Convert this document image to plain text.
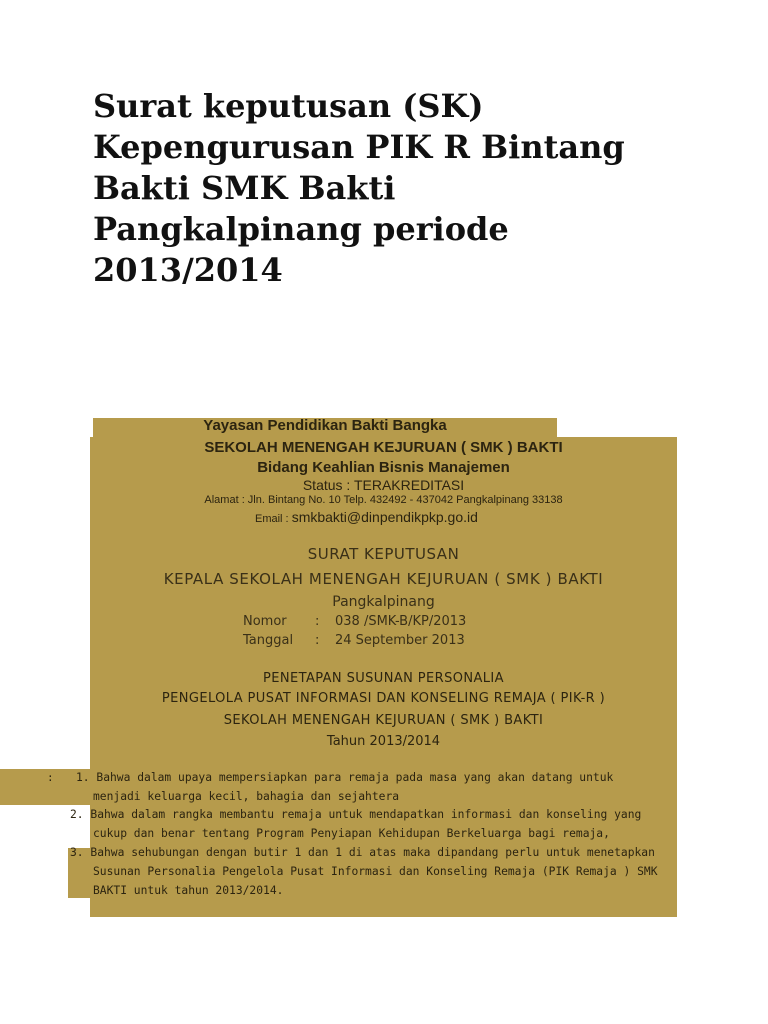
Surat keputusan (SK)
Kepengurusan PIK R Bintang
Bakti SMK Bakti
Pangkalpinang periode
2013/2014
Yayasan Pendidikan Bakti Bangka
SEKOLAH MENENGAH KEJURUAN ( SMK ) BAKTI
Bidang Keahlian Bisnis Manajemen
Status : TERAKREDITASI
Alamat : Jln. Bintang No. 10 Telp. 432492 - 437042 Pangkalpinang 33138
Email : smkbakti@dinpendikpkp.go.id
SURAT KEPUTUSAN
KEPALA SEKOLAH MENENGAH KEJURUAN ( SMK ) BAKTI
Pangkalpinang
Nomor : 038 /SMK-B/KP/2013
Tanggal : 24 September 2013
PENETAPAN SUSUNAN PERSONALIA
PENGELOLA PUSAT INFORMASI DAN KONSELING REMAJA ( PIK-R )
SEKOLAH MENENGAH KEJURUAN ( SMK ) BAKTI
Tahun 2013/2014
: 1. Bahwa dalam upaya mempersiapkan para remaja pada masa yang akan datang untuk
menjadi keluarga kecil, bahagia dan sejahtera
2. Bahwa dalam rangka membantu remaja untuk mendapatkan informasi dan konseling yang
cukup dan benar tentang Program Penyiapan Kehidupan Berkeluarga bagi remaja,
3. Bahwa sehubungan dengan butir 1 dan 1 di atas maka dipandang perlu untuk menetapkan
Susunan Personalia Pengelola Pusat Informasi dan Konseling Remaja (PIK Remaja ) SMK
BAKTI untuk tahun 2013/2014.
